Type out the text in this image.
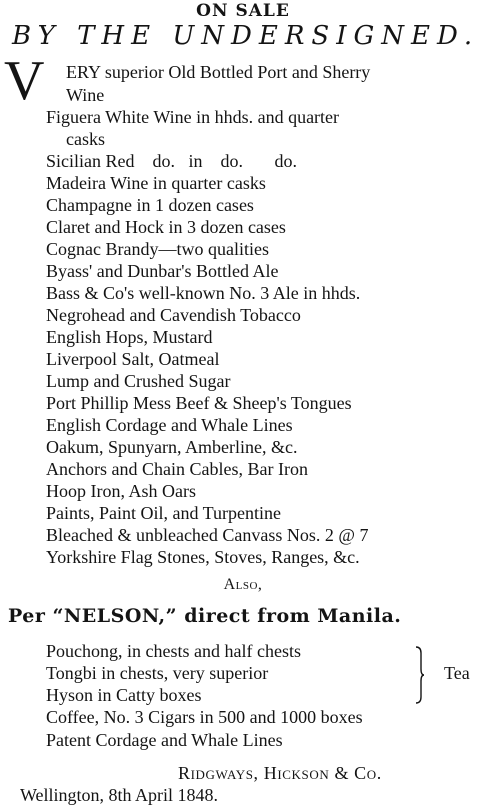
ON SALE
BY THE UNDERSIGNED.
V ERY superior Old Bottled Port and Sherry
Wine
Figuera White Wine in hhds. and quarter
casks
Sicilian Red    do.   in    do.       do.
Madeira Wine in quarter casks
Champagne in 1 dozen cases
Claret and Hock in 3 dozen cases
Cognac Brandy—two qualities
Byass' and Dunbar's Bottled Ale
Bass & Co's well-known No. 3 Ale in hhds.
Negrohead and Cavendish Tobacco
English Hops, Mustard
Liverpool Salt, Oatmeal
Lump and Crushed Sugar
Port Phillip Mess Beef & Sheep's Tongues
English Cordage and Whale Lines
Oakum, Spunyarn, Amberline, &c.
Anchors and Chain Cables, Bar Iron
Hoop Iron, Ash Oars
Paints, Paint Oil, and Turpentine
Bleached & unbleached Canvass Nos. 2 @ 7
Yorkshire Flag Stones, Stoves, Ranges, &c.
Also,
Per “NELSON,” direct from Manila.
Pouchong, in chests and half chests
Tongbi in chests, very superior
Hyson in Catty boxes
Tea
Coffee, No. 3 Cigars in 500 and 1000 boxes
Patent Cordage and Whale Lines
Ridgways, Hickson & Co.
Wellington, 8th April 1848.
